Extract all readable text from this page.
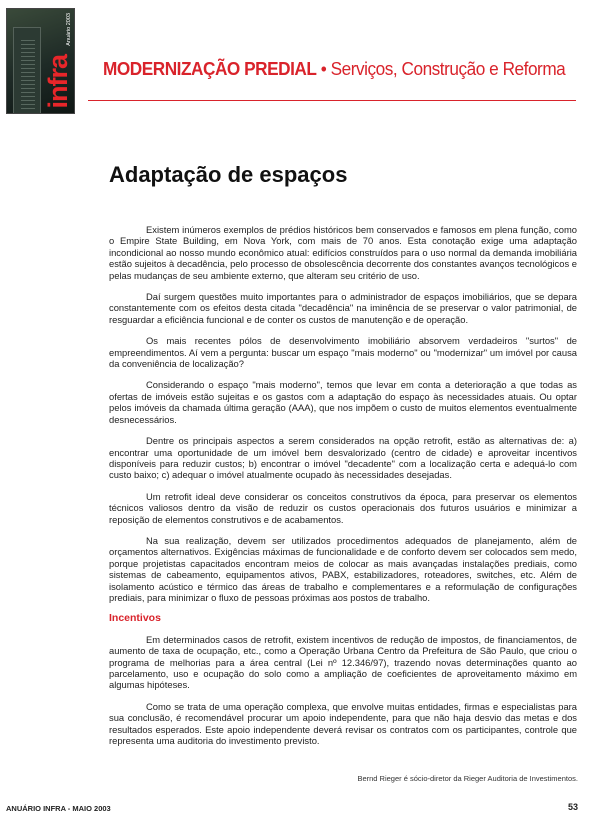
Anuário 2003
infra MODERNIZAÇÃO PREDIAL • Serviços, Construção e Reforma
Adaptação de espaços

Existem inúmeros exemplos de prédios históricos bem conservados e famosos em plena função, como o Empire State Building, em Nova York, com mais de 70 anos. Esta conotação exige uma adaptação incondicional ao nosso mundo econômico atual: edifícios construídos para o uso normal da demanda imobiliária estão sujeitos à decadência, pelo processo de obsolescência decorrente dos constantes avanços tecnológicos e pelas mudanças de seu ambiente externo, que alteram seu critério de uso.

Daí surgem questões muito importantes para o administrador de espaços imobiliários, que se depara constantemente com os efeitos desta citada "decadência" na iminência de se preservar o valor patrimonial, de resguardar a eficiência funcional e de conter os custos de manutenção e de operação.

Os mais recentes pólos de desenvolvimento imobiliário absorvem verdadeiros "surtos" de empreendimentos. Aí vem a pergunta: buscar um espaço "mais moderno" ou "modernizar" um imóvel por causa da conveniência de localização?

Considerando o espaço "mais moderno", temos que levar em conta a deterioração a que todas as ofertas de imóveis estão sujeitas e os gastos com a adaptação do espaço às necessidades atuais. Ou optar pelos imóveis da chamada última geração (AAA), que nos impõem o custo de muitos elementos eventualmente desnecessários.

Dentre os principais aspectos a serem considerados na opção retrofit, estão as alternativas de: a) encontrar uma oportunidade de um imóvel bem desvalorizado (centro de cidade) e aproveitar incentivos disponíveis para reduzir custos; b) encontrar o imóvel "decadente" com a localização certa e adequá-lo com custo baixo; c) adequar o imóvel atualmente ocupado às necessidades desejadas.

Um retrofit ideal deve considerar os conceitos construtivos da época, para preservar os elementos técnicos valiosos dentro da visão de reduzir os custos operacionais dos futuros usuários e minimizar a reposição de elementos construtivos e de acabamentos.

Na sua realização, devem ser utilizados procedimentos adequados de planejamento, além de orçamentos alternativos. Exigências máximas de funcionalidade e de conforto devem ser colocados sem medo, porque projetistas capacitados encontram meios de colocar as mais avançadas instalações prediais, como sistemas de cabeamento, equipamentos ativos, PABX, estabilizadores, roteadores, switches, etc. Além de isolamento acústico e térmico das áreas de trabalho e complementares e a reformulação de configurações prediais, para minimizar o fluxo de pessoas próximas aos postos de trabalho.

Incentivos

Em determinados casos de retrofit, existem incentivos de redução de impostos, de financiamentos, de aumento de taxa de ocupação, etc., como a Operação Urbana Centro da Prefeitura de São Paulo, que criou o programa de melhorias para a área central (Lei nº 12.346/97), trazendo novas determinações quanto ao parcelamento, uso e ocupação do solo como a ampliação de coeficientes de aproveitamento máximo em algumas hipóteses.

Como se trata de uma operação complexa, que envolve muitas entidades, firmas e especialistas para sua conclusão, é recomendável procurar um apoio independente, para que não haja desvio das metas e dos resultados esperados. Este apoio independente deverá revisar os contratos com os participantes, controle que representa uma auditoria do investimento previsto.

Bernd Rieger é sócio-diretor da Rieger Auditoria de Investimentos.
ANUÁRIO INFRA - MAIO 2003	53
